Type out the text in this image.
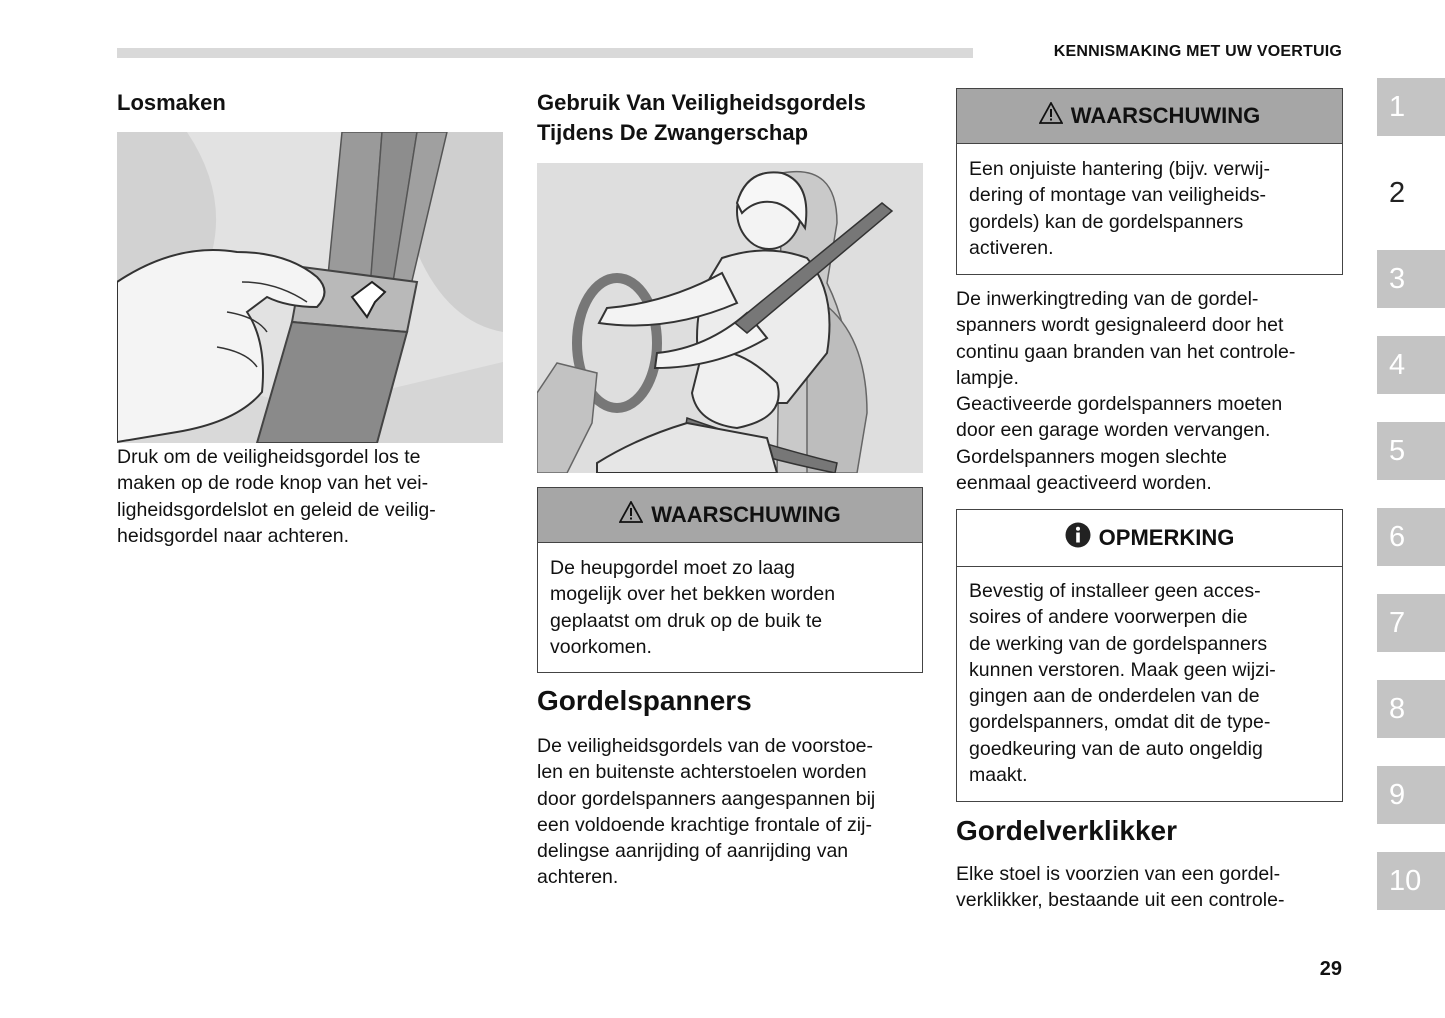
KENNISMAKING MET UW VOERTUIG
Losmaken
Druk om de veiligheidsgordel los te
maken op de rode knop van het vei-
ligheidsgordelslot en geleid de veilig-
heidsgordel naar achteren.
Gebruik Van Veiligheidsgordels
Tijdens De Zwangerschap
WAARSCHUWING
De heupgordel moet zo laag
mogelijk over het bekken worden
geplaatst om druk op de buik te
voorkomen.
Gordelspanners
De veiligheidsgordels van de voorstoe-
len en buitenste achterstoelen worden
door gordelspanners aangespannen bij
een voldoende krachtige frontale of zij-
delingse aanrijding of aanrijding van
achteren.
WAARSCHUWING
Een onjuiste hantering (bijv. verwij-
dering of montage van veiligheids-
gordels) kan de gordelspanners
activeren.
De inwerkingtreding van de gordel-
spanners wordt gesignaleerd door het
continu gaan branden van het controle-
lampje.
Geactiveerde gordelspanners moeten
door een garage worden vervangen.
Gordelspanners mogen slechte
eenmaal geactiveerd worden.
OPMERKING
Bevestig of installeer geen acces-
soires of andere voorwerpen die
de werking van de gordelspanners
kunnen verstoren. Maak geen wijzi-
gingen aan de onderdelen van de
gordelspanners, omdat dit de type-
goedkeuring van de auto ongeldig
maakt.
Gordelverklikker
Elke stoel is voorzien van een gordel-
verklikker, bestaande uit een controle-
1
2
3
4
5
6
7
8
9
10
29
